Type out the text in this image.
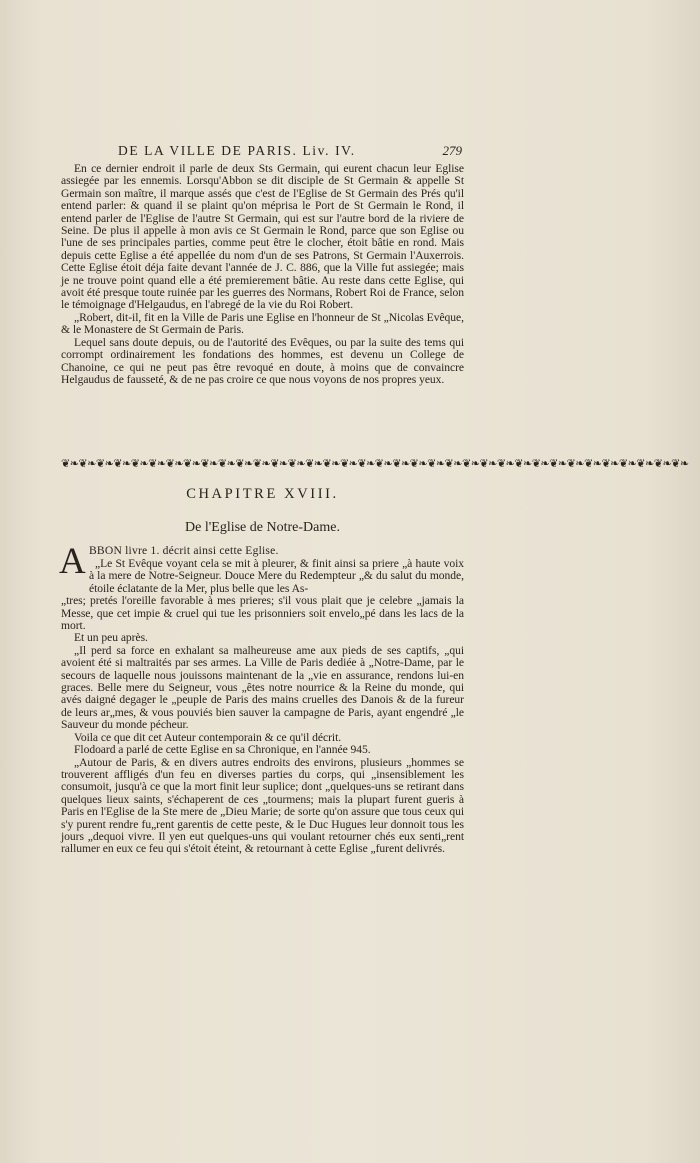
DE LA VILLE DE PARIS. Liv. IV.	279

En ce dernier endroit il parle de deux Sts Germain, qui eurent chacun leur Eglise assiegée par les ennemis. Lorsqu'Abbon se dit disciple de St Germain & appelle St Germain son maître, il marque assés que c'est de l'Eglise de St Germain des Prés qu'il entend parler: & quand il se plaint qu'on méprisa le Port de St Germain le Rond, il entend parler de l'Eglise de l'autre St Germain, qui est sur l'autre bord de la riviere de Seine. De plus il appelle à mon avis ce St Germain le Rond, parce que son Eglise ou l'une de ses principales parties, comme peut être le clocher, étoit bâtie en rond. Mais depuis cette Eglise a été appellée du nom d'un de ses Patrons, St Germain l'Auxerrois. Cette Eglise étoit déja faite devant l'année de J. C. 886, que la Ville fut assiegée; mais je ne trouve point quand elle a été premierement bâtie. Au reste dans cette Eglise, qui avoit été presque toute ruinée par les guerres des Normans, Robert Roi de France, selon le témoignage d'Helgaudus, en l'abregé de la vie du Roi Robert.

„Robert, dit-il, fit en la Ville de Paris une Eglise en l'honneur de St „Nicolas Evêque, & le Monastere de St Germain de Paris.

Lequel sans doute depuis, ou de l'autorité des Evêques, ou par la suite des tems qui corrompt ordinairement les fondations des hommes, est devenu un College de Chanoine, ce qui ne peut pas être revoqué en doute, à moins que de convaincre Helgaudus de fausseté, & de ne pas croire ce que nous voyons de nos propres yeux.

❦❧❦❧❦❧❦❧❦❧❦❧❦❧❦❧❦❧❦❧❦❧❦❧❦❧❦❧❦❧❦❧❦❧❦❧❦❧❦❧❦❧❦❧❦❧❦❧❦❧❦❧❦❧❦❧❦❧❦❧❦❧❦❧❦❧❦❧❦❧❦❧
CHAPITRE XVIII.
De l'Eglise de Notre-Dame.
A BBON livre 1. décrit ainsi cette Eglise.

„Le St Evêque voyant cela se mit à pleurer, & finit ainsi sa priere „à haute voix à la mere de Notre-Seigneur. Douce Mere du Redempteur „& du salut du monde, étoile éclatante de la Mer, plus belle que les As-

„tres; pretés l'oreille favorable à mes prieres; s'il vous plait que je celebre „jamais la Messe, que cet impie & cruel qui tue les prisonniers soit envelo„pé dans les lacs de la mort.

Et un peu après.

„Il perd sa force en exhalant sa malheureuse ame aux pieds de ses captifs, „qui avoient été si maltraités par ses armes. La Ville de Paris dediée à „Notre-Dame, par le secours de laquelle nous jouissons maintenant de la „vie en assurance, rendons lui-en graces. Belle mere du Seigneur, vous „êtes notre nourrice & la Reine du monde, qui avés daigné degager le „peuple de Paris des mains cruelles des Danois & de la fureur de leurs ar„mes, & vous pouviés bien sauver la campagne de Paris, ayant engendré „le Sauveur du monde pécheur.

Voila ce que dit cet Auteur contemporain & ce qu'il décrit.

Flodoard a parlé de cette Eglise en sa Chronique, en l'année 945.

„Autour de Paris, & en divers autres endroits des environs, plusieurs „hommes se trouverent affligés d'un feu en diverses parties du corps, qui „insensiblement les consumoit, jusqu'à ce que la mort finit leur suplice; dont „quelques-uns se retirant dans quelques lieux saints, s'échaperent de ces „tourmens; mais la plupart furent gueris à Paris en l'Eglise de la Ste mere de „Dieu Marie; de sorte qu'on assure que tous ceux qui s'y purent rendre fu„rent garentis de cette peste, & le Duc Hugues leur donnoit tous les jours „dequoi vivre. Il yen eut quelques-uns qui voulant retourner chés eux senti„rent rallumer en eux ce feu qui s'étoit éteint, & retournant à cette Eglise „furent delivrés.
